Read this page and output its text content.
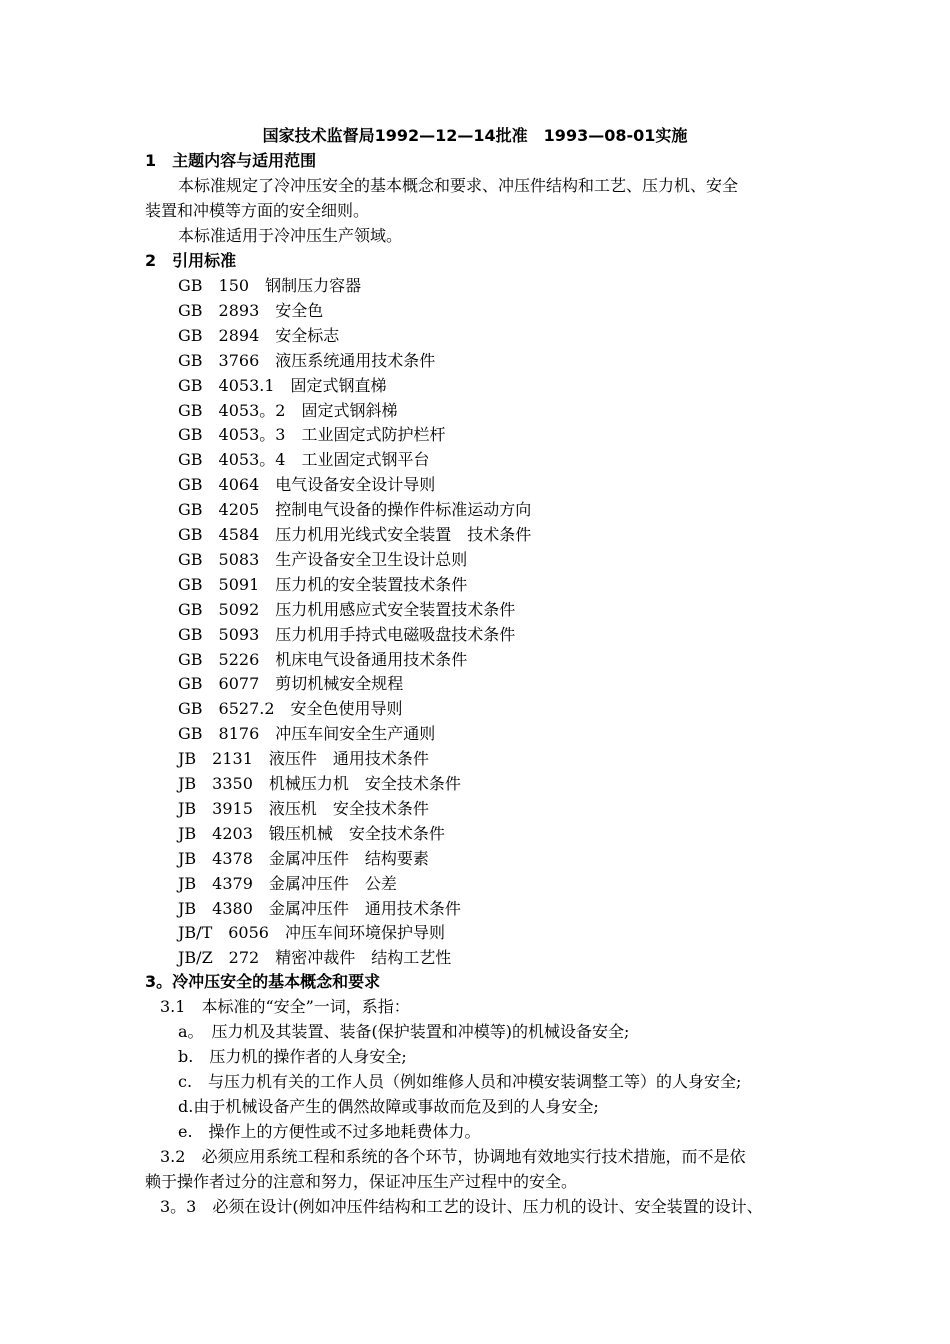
国家技术监督局1992—12—14批准　1993—08-01实施
1　主题内容与适用范围
本标准规定了冷冲压安全的基本概念和要求、冲压件结构和工艺、压力机、安全
装置和冲模等方面的安全细则。
本标准适用于冷冲压生产领域。
2　引用标准
GB　150　钢制压力容器
GB　2893　安全色
GB　2894　安全标志
GB　3766　液压系统通用技术条件
GB　4053.1　固定式钢直梯
GB　4053。2　固定式钢斜梯
GB　4053。3　工业固定式防护栏杆
GB　4053。4　工业固定式钢平台
GB　4064　电气设备安全设计导则
GB　4205　控制电气设备的操作件标准运动方向
GB　4584　压力机用光线式安全装置　技术条件
GB　5083　生产设备安全卫生设计总则
GB　5091　压力机的安全装置技术条件
GB　5092　压力机用感应式安全装置技术条件
GB　5093　压力机用手持式电磁吸盘技术条件
GB　5226　机床电气设备通用技术条件
GB　6077　剪切机械安全规程
GB　6527.2　安全色使用导则
GB　8176　冲压车间安全生产通则
JB　2131　液压件　通用技术条件
JB　3350　机械压力机　安全技术条件
JB　3915　液压机　安全技术条件
JB　4203　锻压机械　安全技术条件
JB　4378　金属冲压件　结构要素
JB　4379　金属冲压件　公差
JB　4380　金属冲压件　通用技术条件
JB/T　6056　冲压车间环境保护导则
JB/Z　272　精密冲裁件　结构工艺性
3。冷冲压安全的基本概念和要求
3.1　本标准的“安全”一词，系指：
a。　压力机及其装置、装备(保护装置和冲模等)的机械设备安全;
b.　压力机的操作者的人身安全;
c.　与压力机有关的工作人员（例如维修人员和冲模安装调整工等）的人身安全;
d.由于机械设备产生的偶然故障或事故而危及到的人身安全;
e.　操作上的方便性或不过多地耗费体力。
3.2　必须应用系统工程和系统的各个环节，协调地有效地实行技术措施，而不是依
赖于操作者过分的注意和努力，保证冲压生产过程中的安全。
3。3　必须在设计(例如冲压件结构和工艺的设计、压力机的设计、安全装置的设计、
